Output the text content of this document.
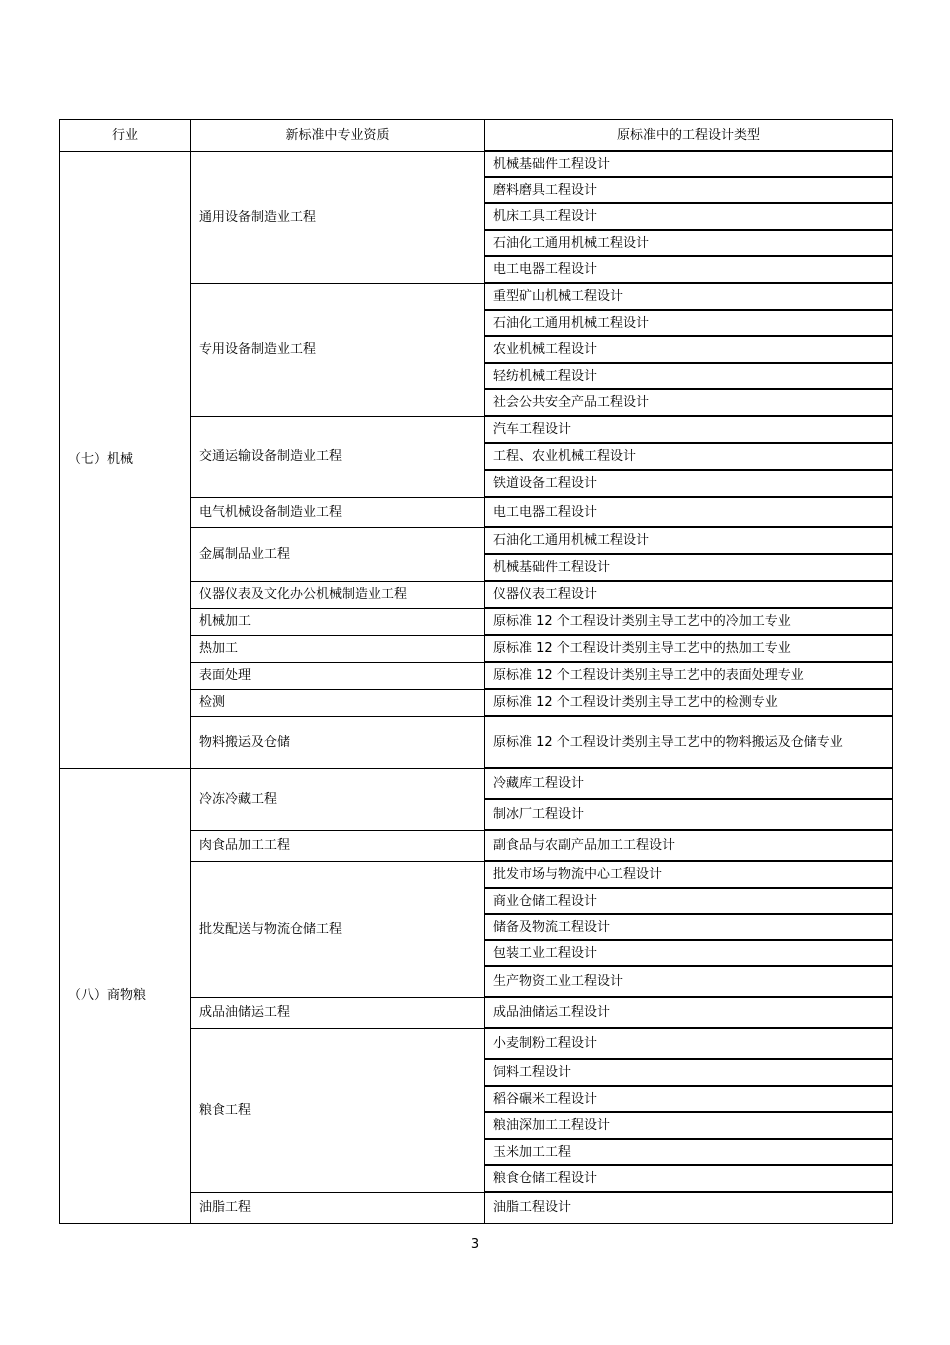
行业	新标准中专业资质	原标准中的工程设计类型
（七）机械	通用设备制造业工程	机械基础件工程设计
		磨料磨具工程设计
		机床工具工程设计
		石油化工通用机械工程设计
		电工电器工程设计
	专用设备制造业工程	重型矿山机械工程设计
		石油化工通用机械工程设计
		农业机械工程设计
		轻纺机械工程设计
		社会公共安全产品工程设计
	交通运输设备制造业工程	汽车工程设计
		工程、农业机械工程设计
		铁道设备工程设计
	电气机械设备制造业工程	电工电器工程设计
	金属制品业工程	石油化工通用机械工程设计
		机械基础件工程设计
	仪器仪表及文化办公机械制造业工程	仪器仪表工程设计
	机械加工	原标准 12 个工程设计类别主导工艺中的冷加工专业
	热加工	原标准 12 个工程设计类别主导工艺中的热加工专业
	表面处理	原标准 12 个工程设计类别主导工艺中的表面处理专业
	检测	原标准 12 个工程设计类别主导工艺中的检测专业
	物料搬运及仓储	原标准 12 个工程设计类别主导工艺中的物料搬运及仓储专业
（八）商物粮	冷冻冷藏工程	冷藏库工程设计
		制冰厂工程设计
	肉食品加工工程	副食品与农副产品加工工程设计
	批发配送与物流仓储工程	批发市场与物流中心工程设计
		商业仓储工程设计
		储备及物流工程设计
		包装工业工程设计
		生产物资工业工程设计
	成品油储运工程	成品油储运工程设计
	粮食工程	小麦制粉工程设计
		饲料工程设计
		稻谷碾米工程设计
		粮油深加工工程设计
		玉米加工工程
		粮食仓储工程设计
	油脂工程	油脂工程设计
3
